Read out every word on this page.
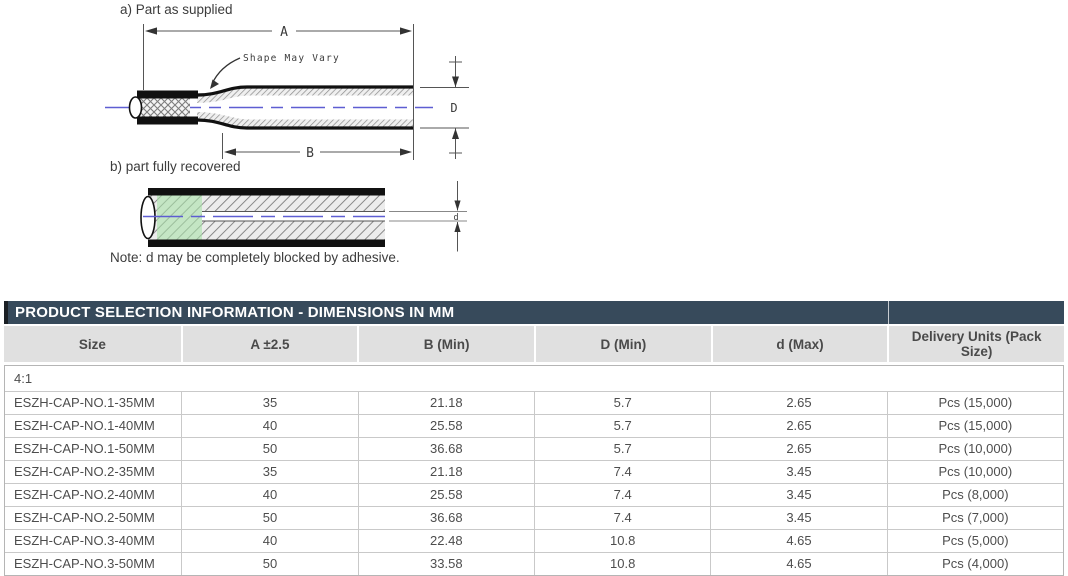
a) Part as supplied
A
Shape May Vary
B
D
b) part fully recovered
d
Note: d may be completely blocked by adhesive.
PRODUCT SELECTION INFORMATION - DIMENSIONS IN MM
Size	A ±2.5	B (Min)	D (Min)	d (Max)	Delivery Units (Pack Size)
4:1
ESZH-CAP-NO.1-35MM	35	21.18	5.7	2.65	Pcs (15,000)
ESZH-CAP-NO.1-40MM	40	25.58	5.7	2.65	Pcs (15,000)
ESZH-CAP-NO.1-50MM	50	36.68	5.7	2.65	Pcs (10,000)
ESZH-CAP-NO.2-35MM	35	21.18	7.4	3.45	Pcs (10,000)
ESZH-CAP-NO.2-40MM	40	25.58	7.4	3.45	Pcs (8,000)
ESZH-CAP-NO.2-50MM	50	36.68	7.4	3.45	Pcs (7,000)
ESZH-CAP-NO.3-40MM	40	22.48	10.8	4.65	Pcs (5,000)
ESZH-CAP-NO.3-50MM	50	33.58	10.8	4.65	Pcs (4,000)
